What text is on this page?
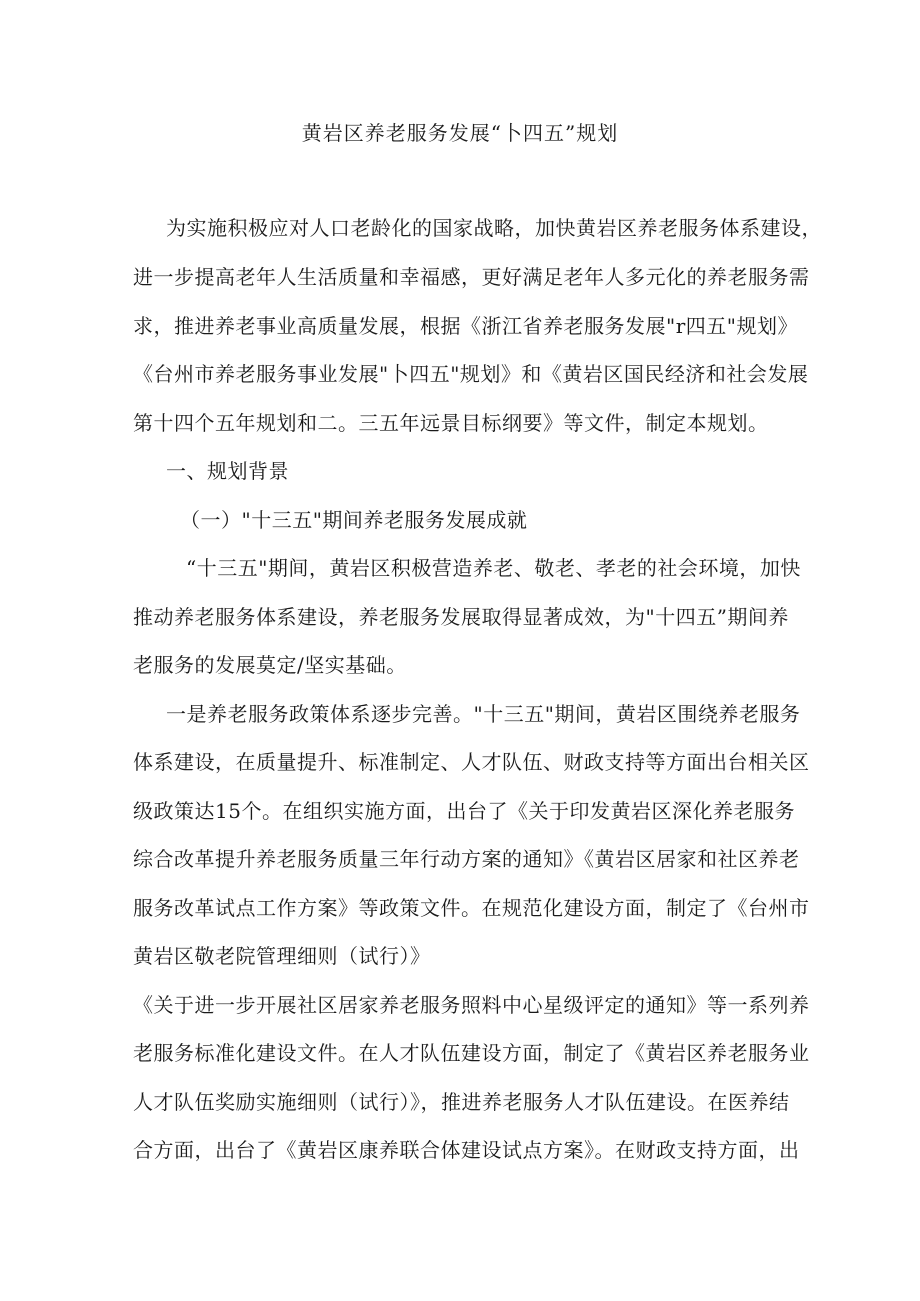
黄岩区养老服务发展“卜四五”规划
为实施积极应对人口老龄化的国家战略，加快黄岩区养老服务体系建设，
进一步提高老年人生活质量和幸福感，更好满足老年人多元化的养老服务需
求，推进养老事业高质量发展，根据《浙江省养老服务发展"r四五"规划》
《台州市养老服务事业发展"卜四五"规划》和《黄岩区国民经济和社会发展
第十四个五年规划和二。三五年远景目标纲要》等文件，制定本规划。
一、规划背景
（一）"十三五"期间养老服务发展成就
“十三五"期间，黄岩区积极营造养老、敬老、孝老的社会环境，加快
推动养老服务体系建设，养老服务发展取得显著成效，为"十四五”期间养
老服务的发展莫定/坚实基础。
一是养老服务政策体系逐步完善。"十三五"期间，黄岩区围绕养老服务
体系建设，在质量提升、标准制定、人才队伍、财政支持等方面出台相关区
级政策达15个。在组织实施方面，出台了《关于印发黄岩区深化养老服务
综合改革提升养老服务质量三年行动方案的通知》《黄岩区居家和社区养老
服务改革试点工作方案》等政策文件。在规范化建设方面，制定了《台州市
黄岩区敬老院管理细则（试行）》
《关于进一步开展社区居家养老服务照料中心星级评定的通知》等一系列养
老服务标准化建设文件。在人才队伍建设方面，制定了《黄岩区养老服务业
人才队伍奖励实施细则（试行）》，推进养老服务人才队伍建设。在医养结
合方面，出台了《黄岩区康养联合体建设试点方案》。在财政支持方面，出
